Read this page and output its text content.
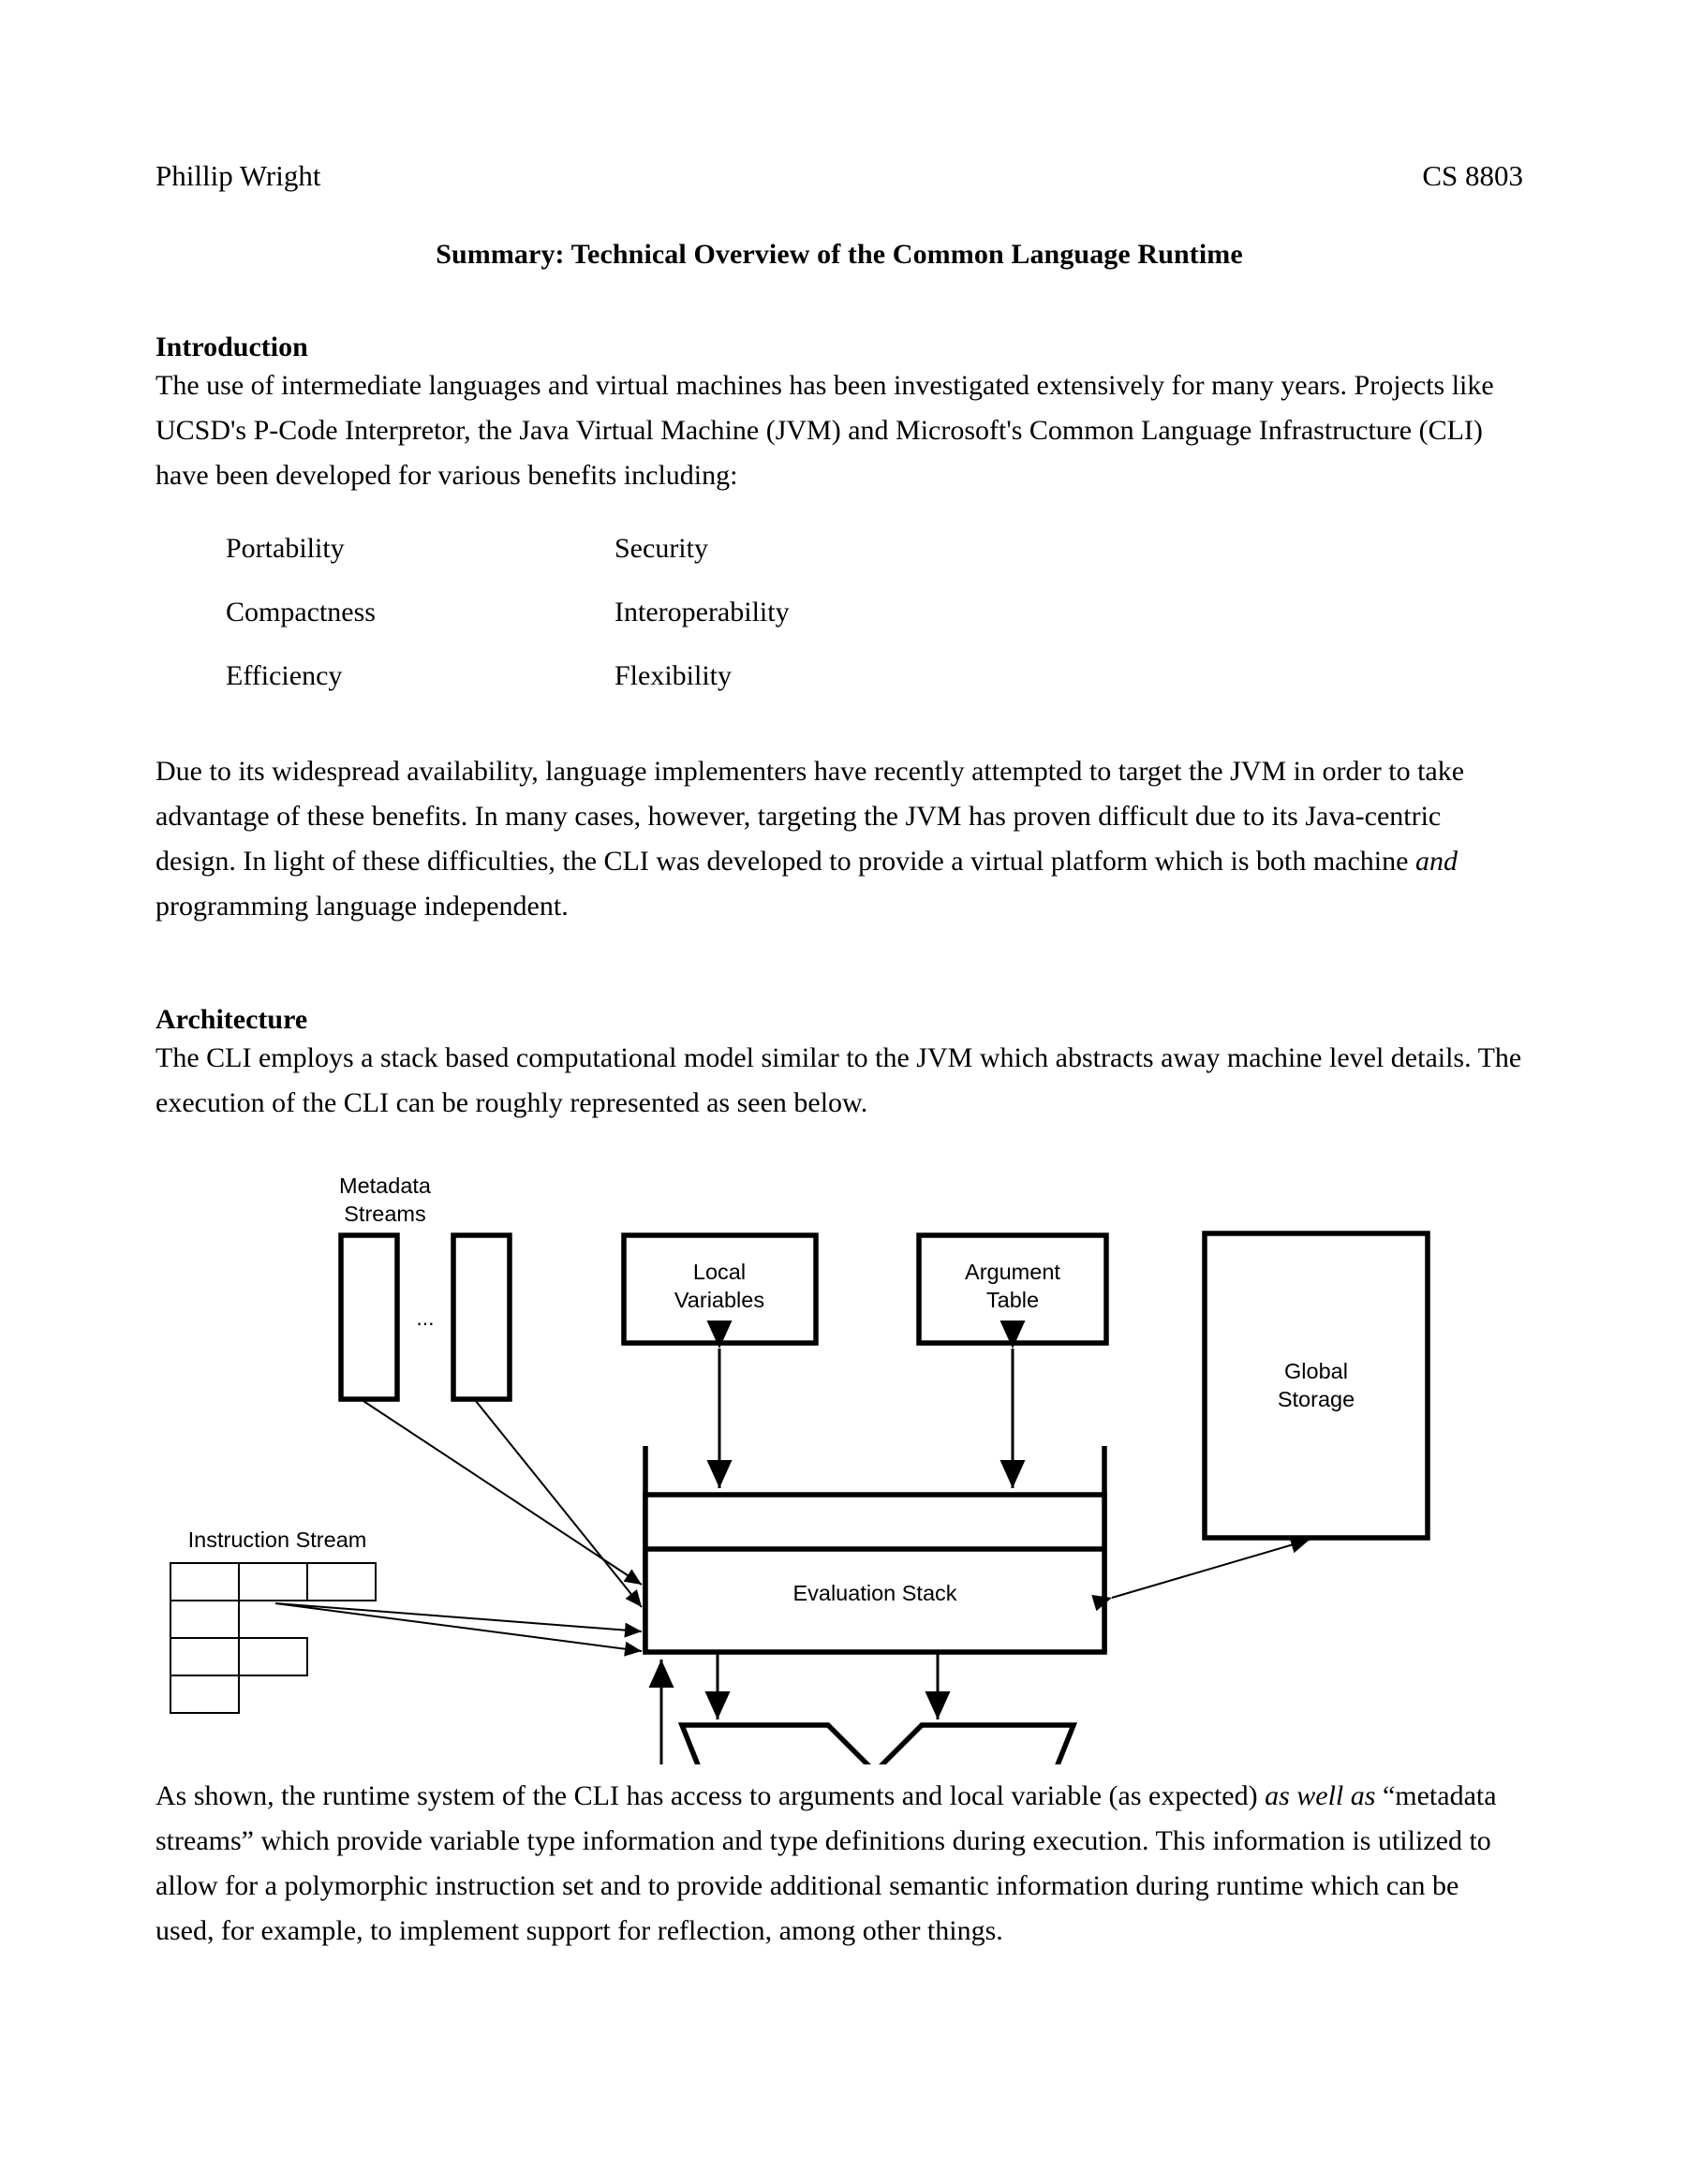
Phillip Wright	CS 8803
Summary: Technical Overview of the Common Language Runtime
Introduction

The use of intermediate languages and virtual machines has been investigated extensively for many years. Projects like UCSD's P-Code Interpretor, the Java Virtual Machine (JVM) and Microsoft's Common Language Infrastructure (CLI) have been developed for various benefits including:

Portability	Security
Compactness	Interoperability
Efficiency	Flexibility

Due to its widespread availability, language implementers have recently attempted to target the JVM in order to take advantage of these benefits. In many cases, however, targeting the JVM has proven difficult due to its Java-centric design. In light of these difficulties, the CLI was developed to provide a virtual platform which is both machine and programming language independent.

Architecture

The CLI employs a stack based computational model similar to the JVM which abstracts away machine level details. The execution of the CLI can be roughly represented as seen below.

Metadata
Streams
...
Local
Variables
Argument
Table
Global
Storage
Evaluation Stack
Instruction Stream

As shown, the runtime system of the CLI has access to arguments and local variable (as expected) as well as “metadata streams” which provide variable type information and type definitions during execution. This information is utilized to allow for a polymorphic instruction set and to provide additional semantic information during runtime which can be used, for example, to implement support for reflection, among other things.
